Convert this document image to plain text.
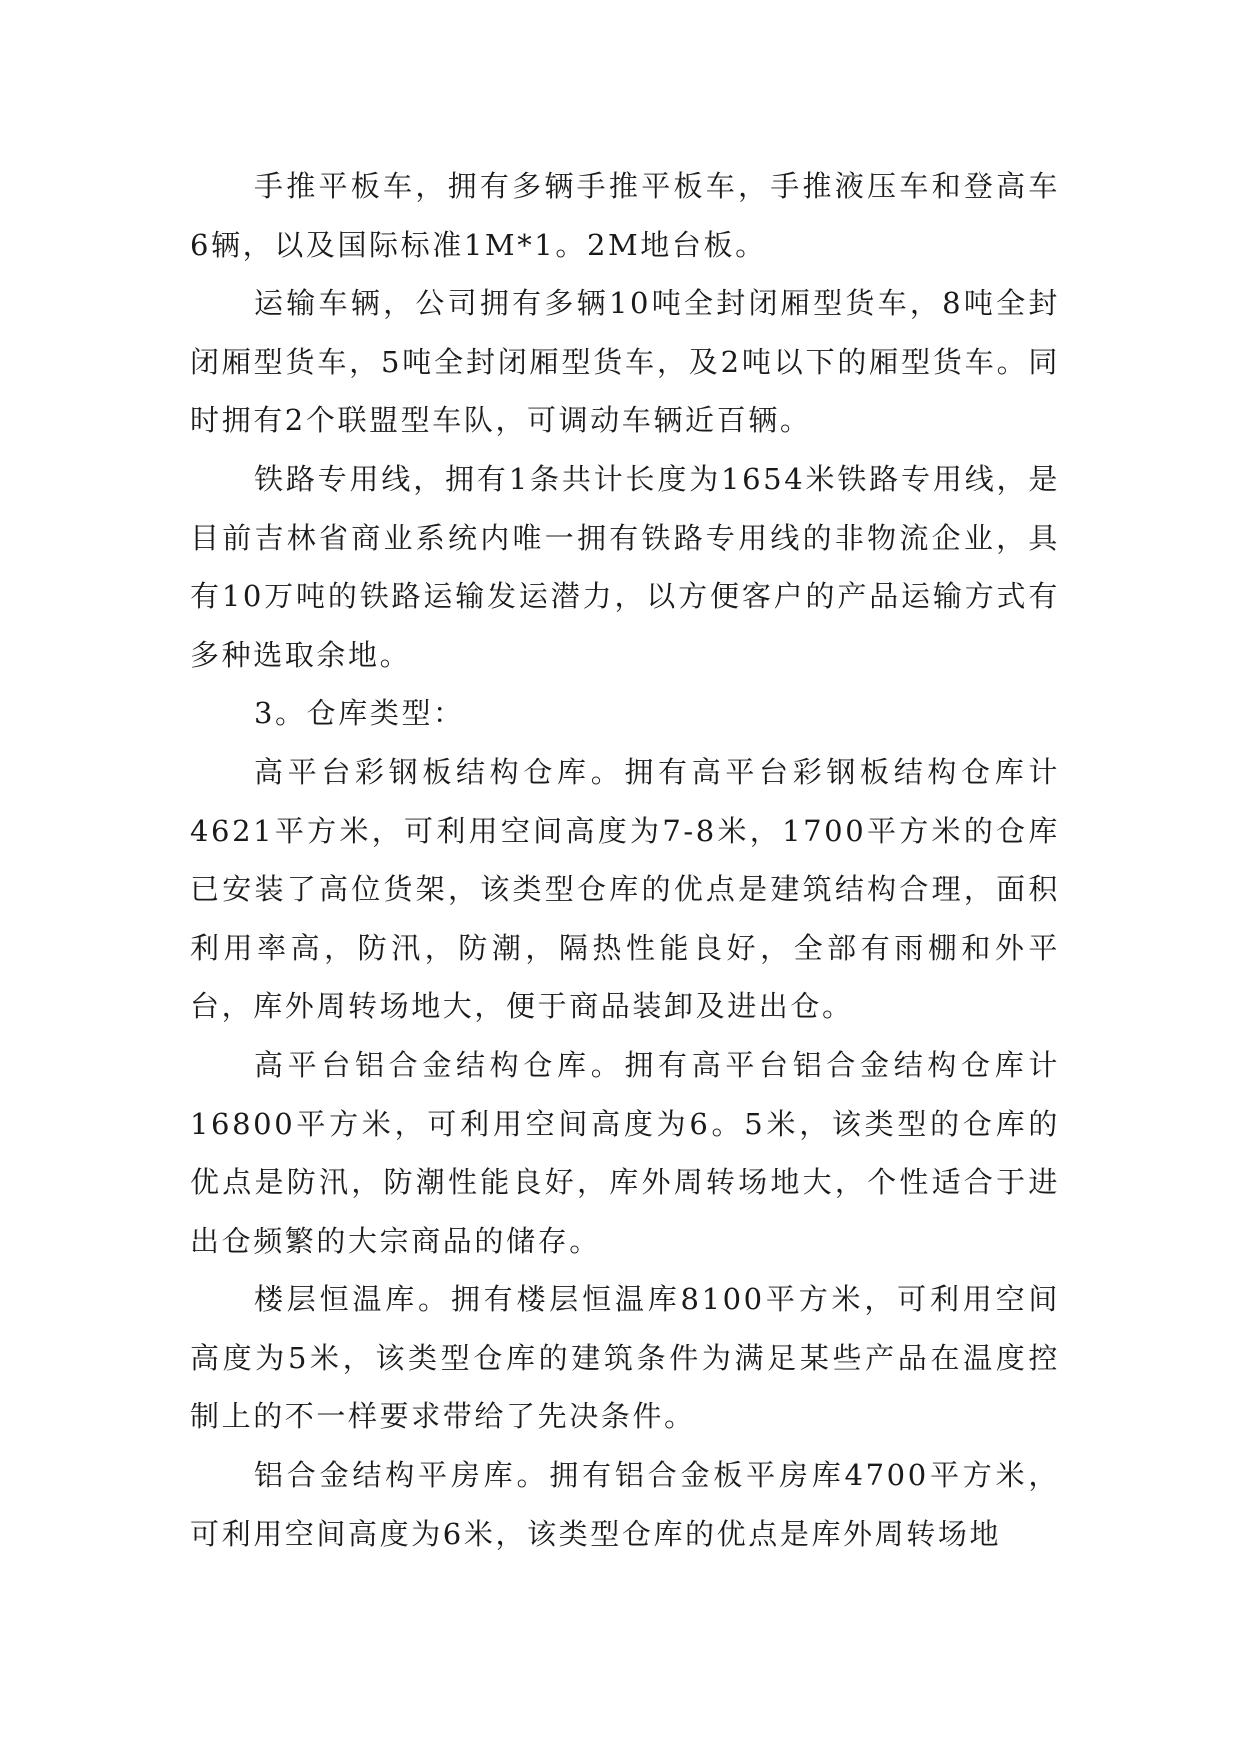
手推平板车，拥有多辆手推平板车，手推液压车和登高车6辆，以及国际标准1M*1。2M地台板。

运输车辆，公司拥有多辆10吨全封闭厢型货车，8吨全封闭厢型货车，5吨全封闭厢型货车，及2吨以下的厢型货车。同时拥有2个联盟型车队，可调动车辆近百辆。

铁路专用线，拥有1条共计长度为1654米铁路专用线，是目前吉林省商业系统内唯一拥有铁路专用线的非物流企业，具有10万吨的铁路运输发运潜力，以方便客户的产品运输方式有多种选取余地。

3。仓库类型：

高平台彩钢板结构仓库。拥有高平台彩钢板结构仓库计4621平方米，可利用空间高度为7-8米，1700平方米的仓库已安装了高位货架，该类型仓库的优点是建筑结构合理，面积利用率高，防汛，防潮，隔热性能良好，全部有雨棚和外平台，库外周转场地大，便于商品装卸及进出仓。

高平台铝合金结构仓库。拥有高平台铝合金结构仓库计16800平方米，可利用空间高度为6。5米，该类型的仓库的优点是防汛，防潮性能良好，库外周转场地大，个性适合于进出仓频繁的大宗商品的储存。

楼层恒温库。拥有楼层恒温库8100平方米，可利用空间高度为5米，该类型仓库的建筑条件为满足某些产品在温度控制上的不一样要求带给了先决条件。

铝合金结构平房库。拥有铝合金板平房库4700平方米，可利用空间高度为6米，该类型仓库的优点是库外周转场地
